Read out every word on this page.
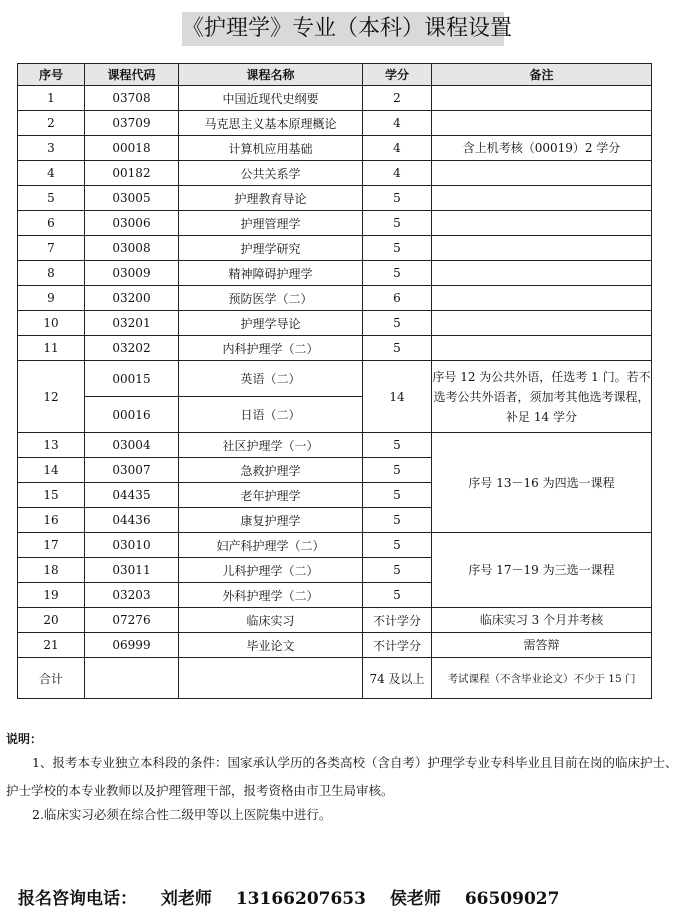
《护理学》专业（本科）课程设置
序号	课程代码	课程名称	学分	备注
1	03708	中国近现代史纲要	2	
2	03709	马克思主义基本原理概论	4	
3	00018	计算机应用基础	4	含上机考核（00019）2 学分
4	00182	公共关系学	4	
5	03005	护理教育导论	5	
6	03006	护理管理学	5	
7	03008	护理学研究	5	
8	03009	精神障碍护理学	5	
9	03200	预防医学（二）	6	
10	03201	护理学导论	5	
11	03202	内科护理学（二）	5	
12	00015	英语（二）	14	序号 12 为公共外语，任选考 1 门。若不选考公共外语者，须加考其他选考课程，补足 14 学分
	00016	日语（二）		
13	03004	社区护理学（一）	5	序号 13－16 为四选一课程
14	03007	急救护理学	5	
15	04435	老年护理学	5	
16	04436	康复护理学	5	
17	03010	妇产科护理学（二）	5	序号 17－19 为三选一课程
18	03011	儿科护理学（二）	5	
19	03203	外科护理学（二）	5	
20	07276	临床实习	不计学分	临床实习 3 个月并考核
21	06999	毕业论文	不计学分	需答辩
合计			74 及以上	考试课程（不含毕业论文）不少于 15 门
说明：
1、报考本专业独立本科段的条件：国家承认学历的各类高校（含自考）护理学专业专科毕业且目前在岗的临床护士、护士学校的本专业教师以及护理管理干部，报考资格由市卫生局审核。
2.临床实习必须在综合性二级甲等以上医院集中进行。
报名咨询电话： 刘老师 13166207653 侯老师 66509027
